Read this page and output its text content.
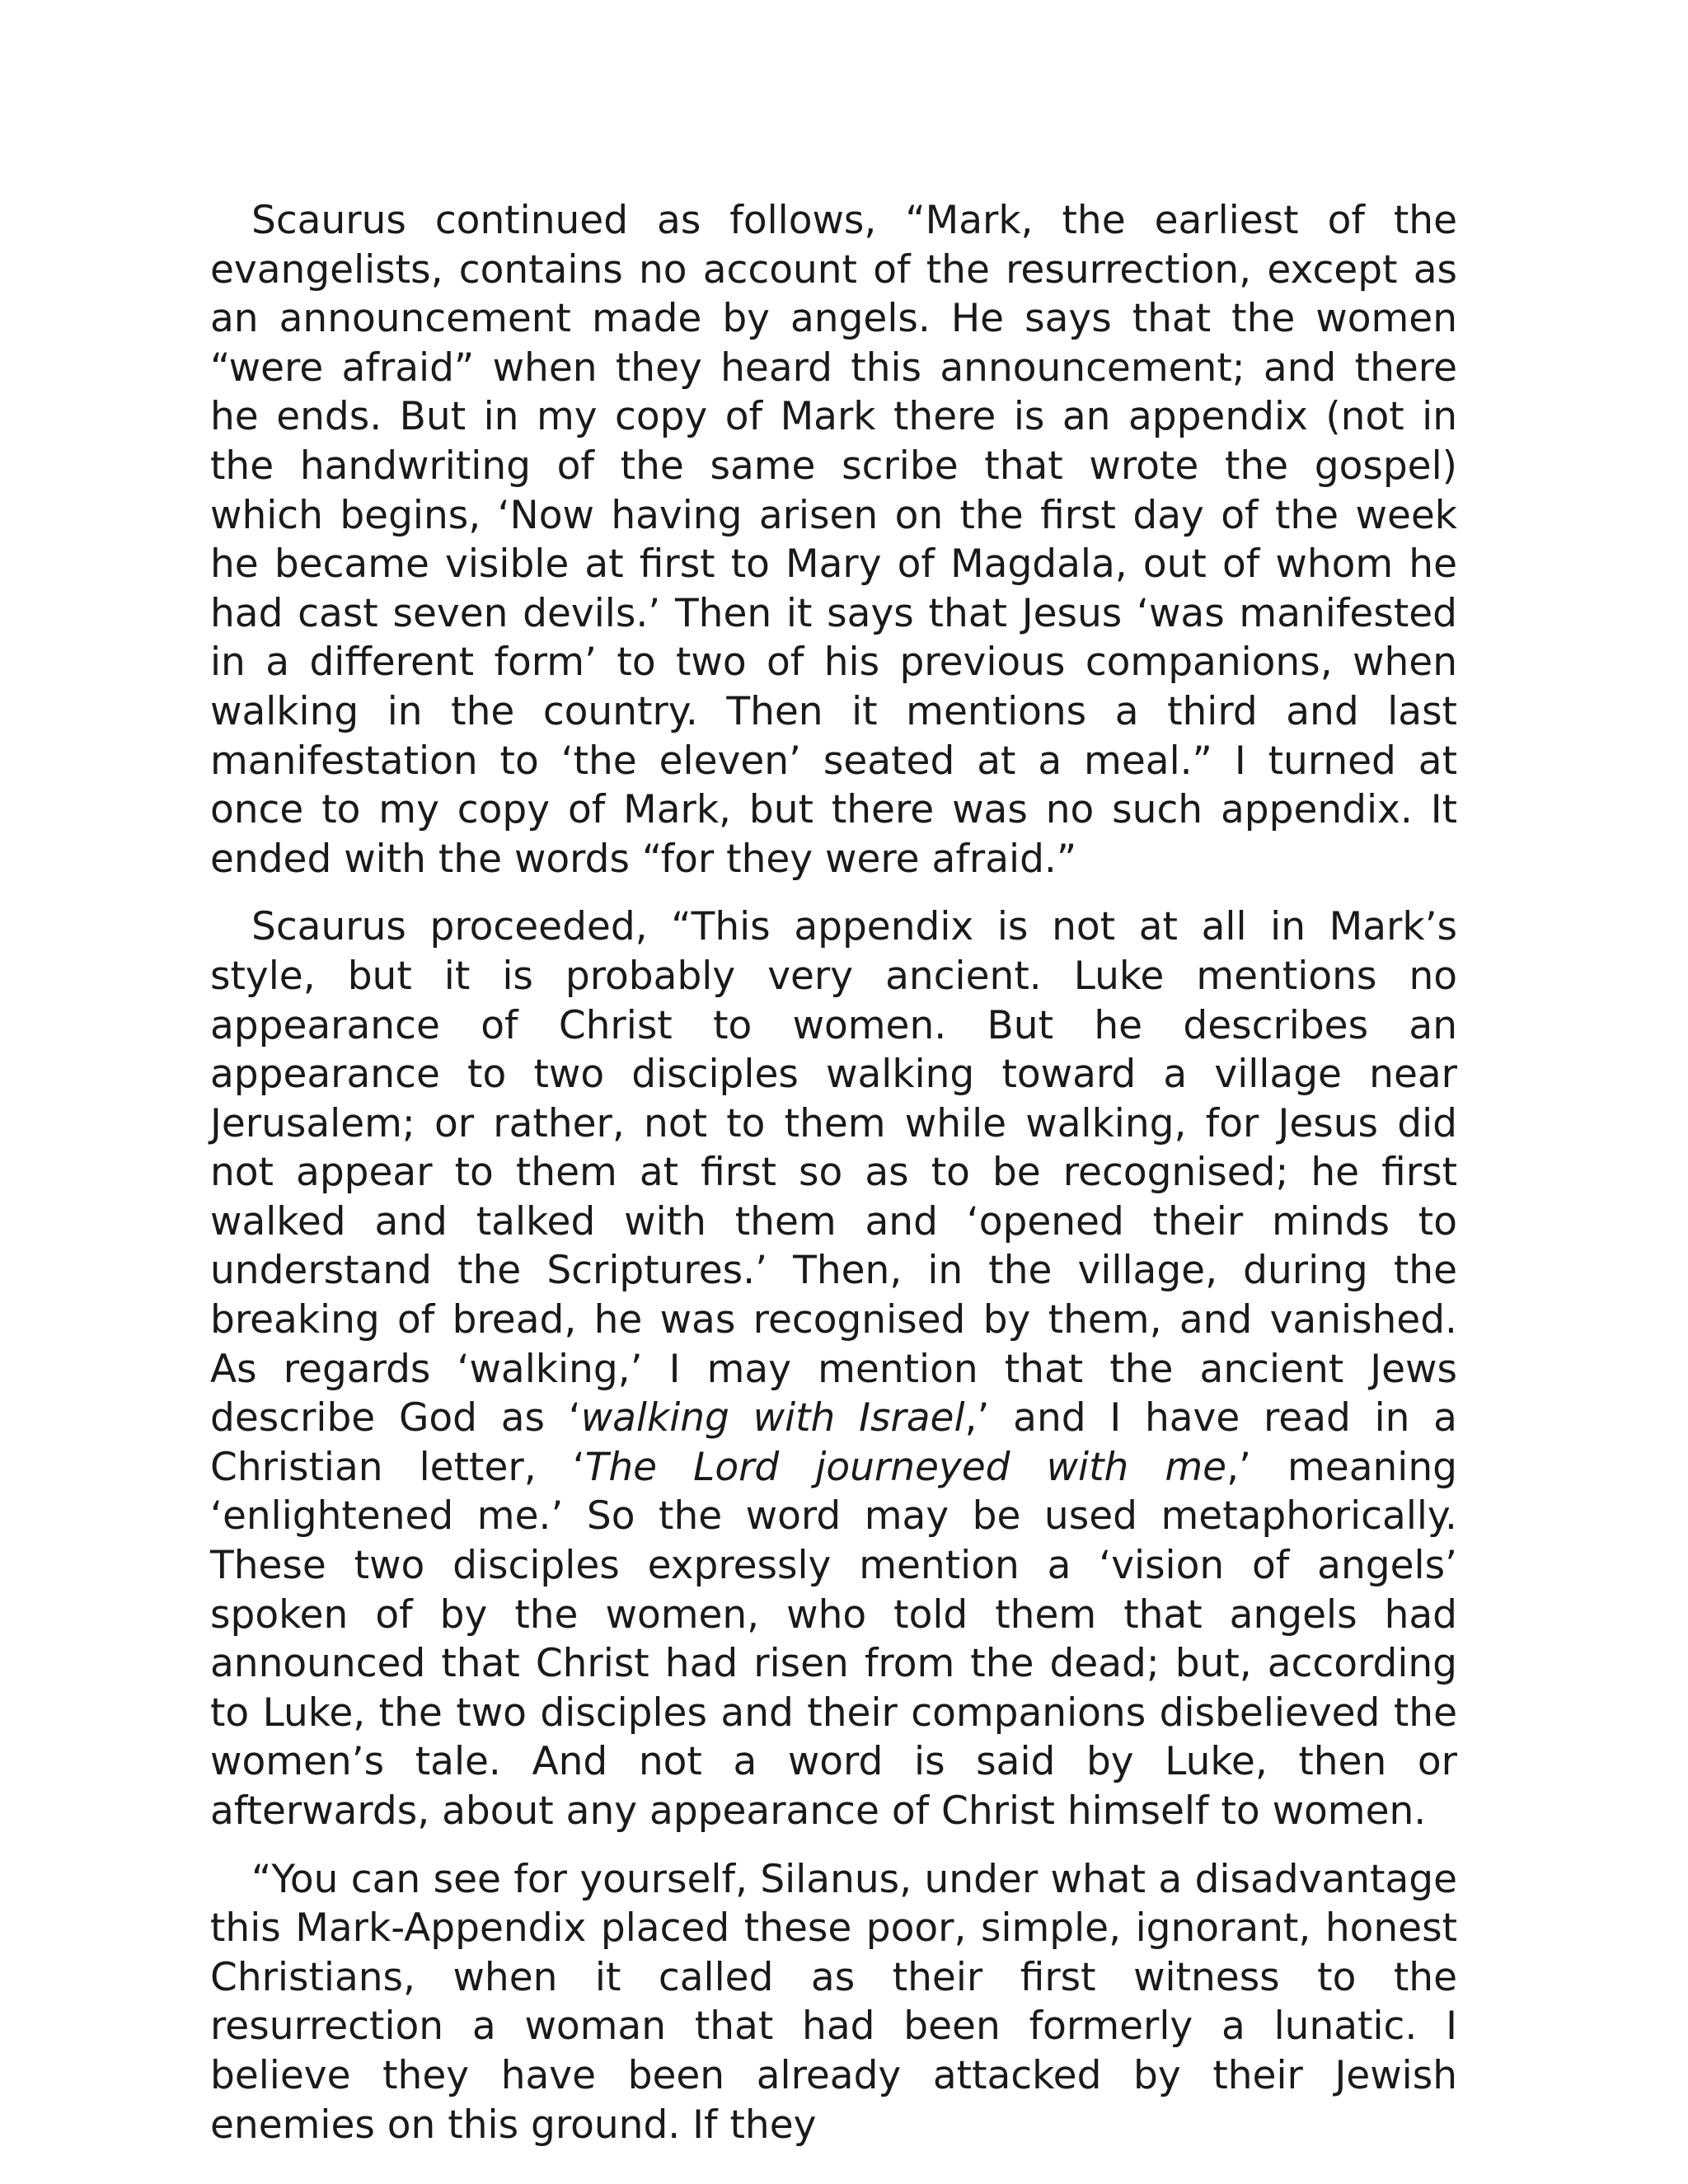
Scaurus continued as follows, “Mark, the earliest of the evangelists, contains no account of the resurrection, except as an announcement made by angels. He says that the women “were afraid” when they heard this announcement; and there he ends. But in my copy of Mark there is an appendix (not in the handwriting of the same scribe that wrote the gospel) which begins, ‘Now having arisen on the first day of the week he became visible at first to Mary of Magdala, out of whom he had cast seven devils.’ Then it says that Jesus ‘was manifested in a different form’ to two of his previous companions, when walking in the country. Then it mentions a third and last manifestation to ‘the eleven’ seated at a meal.” I turned at once to my copy of Mark, but there was no such appendix. It ended with the words “for they were afraid.”

Scaurus proceeded, “This appendix is not at all in Mark’s style, but it is probably very ancient. Luke mentions no appearance of Christ to women. But he describes an appearance to two disciples walking toward a village near Jerusalem; or rather, not to them while walking, for Jesus did not appear to them at first so as to be recognised; he first walked and talked with them and ‘opened their minds to understand the Scriptures.’ Then, in the village, during the breaking of bread, he was recognised by them, and vanished. As regards ‘walking,’ I may mention that the ancient Jews describe God as ‘walking with Israel,’ and I have read in a Christian letter, ‘The Lord journeyed with me,’ meaning ‘enlightened me.’ So the word may be used metaphorically. These two disciples expressly mention a ‘vision of angels’ spoken of by the women, who told them that angels had announced that Christ had risen from the dead; but, according to Luke, the two disciples and their companions disbelieved the women’s tale. And not a word is said by Luke, then or afterwards, about any appearance of Christ himself to women.

“You can see for yourself, Silanus, under what a disadvantage this Mark-Appendix placed these poor, simple, ignorant, honest Christians, when it called as their first witness to the resurrection a woman that had been formerly a lunatic. I believe they have been already attacked by their Jewish enemies on this ground. If they
